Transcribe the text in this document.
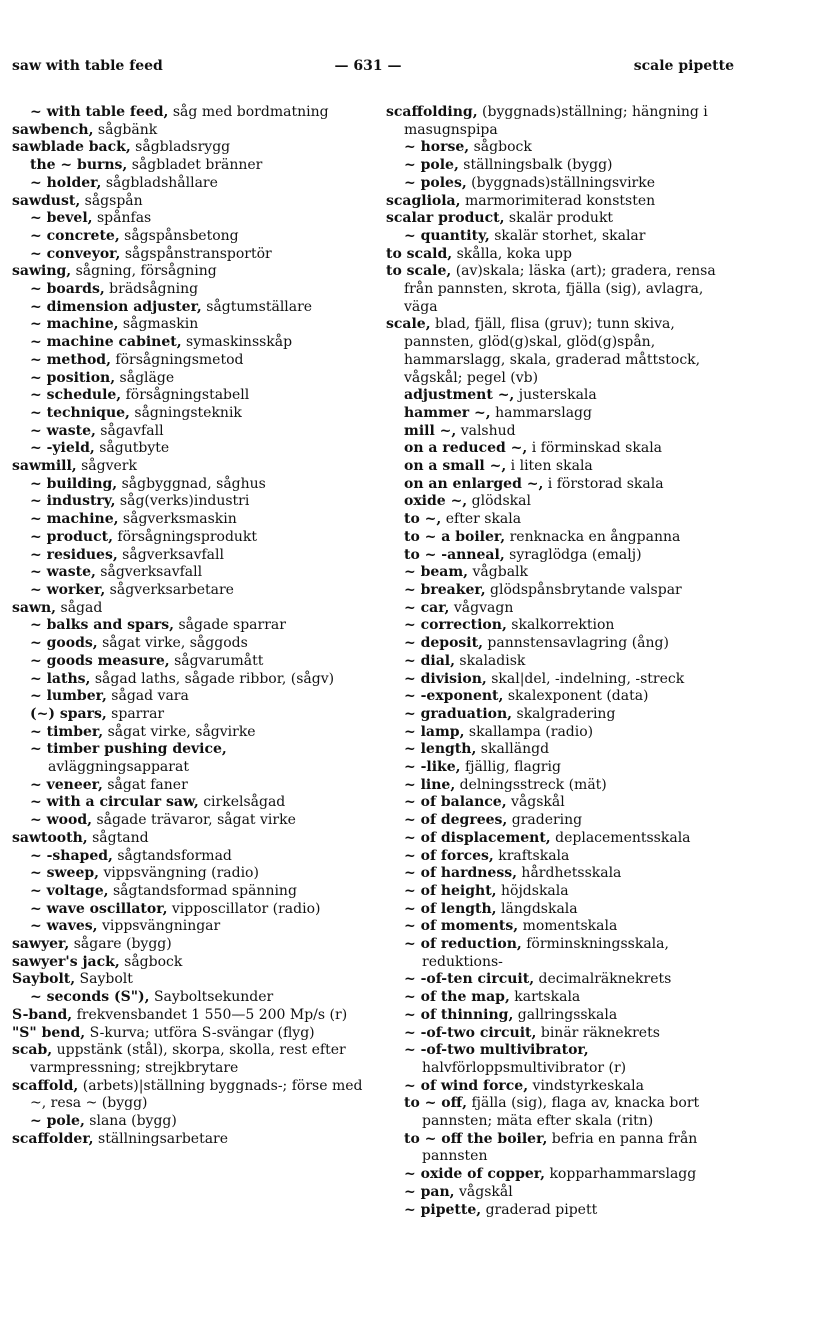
saw with table feed	— 631 —	scale pipette

~ with table feed, såg med bordmatning

sawbench, sågbänk

sawblade back, sågbladsrygg

the ~ burns, sågbladet bränner

~ holder, sågbladshållare

sawdust, sågspån

~ bevel, spånfas

~ concrete, sågspånsbetong

~ conveyor, sågspånstransportör

sawing, sågning, försågning

~ boards, brädsågning

~ dimension adjuster, sågtumställare

~ machine, sågmaskin

~ machine cabinet, symaskinsskåp

~ method, försågningsmetod

~ position, sågläge

~ schedule, försågningstabell

~ technique, sågningsteknik

~ waste, sågavfall

~ -yield, sågutbyte

sawmill, sågverk

~ building, sågbyggnad, såghus

~ industry, såg(verks)industri

~ machine, sågverksmaskin

~ product, försågningsprodukt

~ residues, sågverksavfall

~ waste, sågverksavfall

~ worker, sågverksarbetare

sawn, sågad

~ balks and spars, sågade sparrar

~ goods, sågat virke, såggods

~ goods measure, sågvarumått

~ laths, sågad laths, sågade ribbor, (sågv)

~ lumber, sågad vara

(~) spars, sparrar

~ timber, sågat virke, sågvirke

~ timber pushing device, avläggningsapparat

~ veneer, sågat faner

~ with a circular saw, cirkelsågad

~ wood, sågade trävaror, sågat virke

sawtooth, sågtand

~ -shaped, sågtandsformad

~ sweep, vippsvängning (radio)

~ voltage, sågtandsformad spänning

~ wave oscillator, vipposcillator (radio)

~ waves, vippsvängningar

sawyer, sågare (bygg)

sawyer's jack, sågbock

Saybolt, Saybolt

~ seconds (S"), Sayboltsekunder

S-band, frekvensbandet 1 550—5 200 Mp/s (r)

"S" bend, S-kurva; utföra S-svängar (flyg)

scab, uppstänk (stål), skorpa, skolla, rest efter varmpressning; strejkbrytare

scaffold, (arbets)|ställning byggnads-; förse med ~, resa ~ (bygg)

~ pole, slana (bygg)

scaffolder, ställningsarbetare

scaffolding, (byggnads)ställning; hängning i masugnspipa

~ horse, sågbock

~ pole, ställningsbalk (bygg)

~ poles, (byggnads)ställningsvirke

scagliola, marmorimiterad konststen

scalar product, skalär produkt

~ quantity, skalär storhet, skalar

to scald, skålla, koka upp

to scale, (av)skala; läska (art); gradera, rensa från pannsten, skrota, fjälla (sig), avlagra, väga

scale, blad, fjäll, flisa (gruv); tunn skiva, pannsten, glöd(g)skal, glöd(g)spån, hammarslagg, skala, graderad måttstock, vågskål; pegel (vb)

adjustment ~, justerskala

hammer ~, hammarslagg

mill ~, valshud

on a reduced ~, i förminskad skala

on a small ~, i liten skala

on an enlarged ~, i förstorad skala

oxide ~, glödskal

to ~, efter skala

to ~ a boiler, renknacka en ångpanna

to ~ -anneal, syraglödga (emalj)

~ beam, vågbalk

~ breaker, glödspånsbrytande valspar

~ car, vågvagn

~ correction, skalkorrektion

~ deposit, pannstensavlagring (ång)

~ dial, skaladisk

~ division, skal|del, -indelning, -streck

~ -exponent, skalexponent (data)

~ graduation, skalgradering

~ lamp, skallampa (radio)

~ length, skallängd

~ -like, fjällig, flagrig

~ line, delningsstreck (mät)

~ of balance, vågskål

~ of degrees, gradering

~ of displacement, deplacementsskala

~ of forces, kraftskala

~ of hardness, hårdhetsskala

~ of height, höjdskala

~ of length, längdskala

~ of moments, momentskala

~ of reduction, förminskningsskala, reduktions-

~ -of-ten circuit, decimalräknekrets

~ of the map, kartskala

~ of thinning, gallringsskala

~ -of-two circuit, binär räknekrets

~ -of-two multivibrator, halvförloppsmultivibrator (r)

~ of wind force, vindstyrkeskala

to ~ off, fjälla (sig), flaga av, knacka bort pannsten; mäta efter skala (ritn)

to ~ off the boiler, befria en panna från pannsten

~ oxide of copper, kopparhammarslagg

~ pan, vågskål

~ pipette, graderad pipett
